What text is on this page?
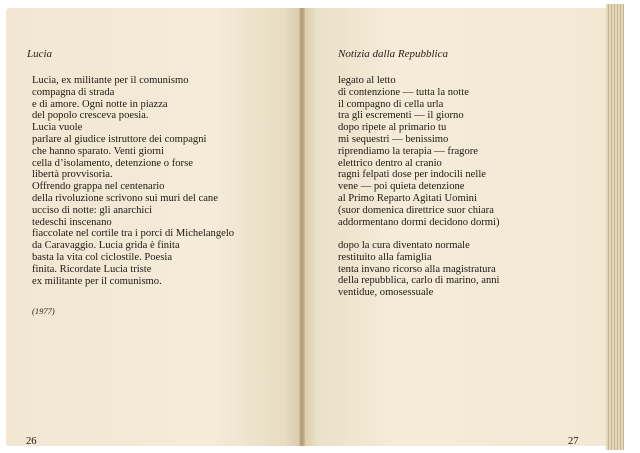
Lucia
Lucia, ex militante per il comunismo
compagna di strada
e di amore. Ogni notte in piazza
del popolo cresceva poesia.
Lucia vuole
parlare al giudice istruttore dei compagni
che hanno sparato. Venti giorni
cella d’isolamento, detenzione o forse
libertà provvisoria.
Offrendo grappa nel centenario
della rivoluzione scrivono sui muri del cane
ucciso di notte: gli anarchici
tedeschi inscenano
fiaccolate nel cortile tra i porci di Michelangelo
da Caravaggio. Lucia grida è finita
basta la vita col ciclostile. Poesia
finita. Ricordate Lucia triste
ex militante per il comunismo.
(1977)
26
Notizia dalla Repubblica
legato al letto
di contenzione — tutta la notte
il compagno di cella urla
tra gli escrementi — il giorno
dopo ripete al primario tu
mi sequestri — benissimo
riprendiamo la terapia — fragore
elettrico dentro al cranio
ragni felpati dose per indocili nelle
vene — poi quieta detenzione
al Primo Reparto Agitati Uomini
(suor domenica direttrice suor chiara
addormentano dormi decidono dormi)
dopo la cura diventato normale
restituito alla famiglia
tenta invano ricorso alla magistratura
della repubblica, carlo di marino, anni
ventidue, omosessuale
27
